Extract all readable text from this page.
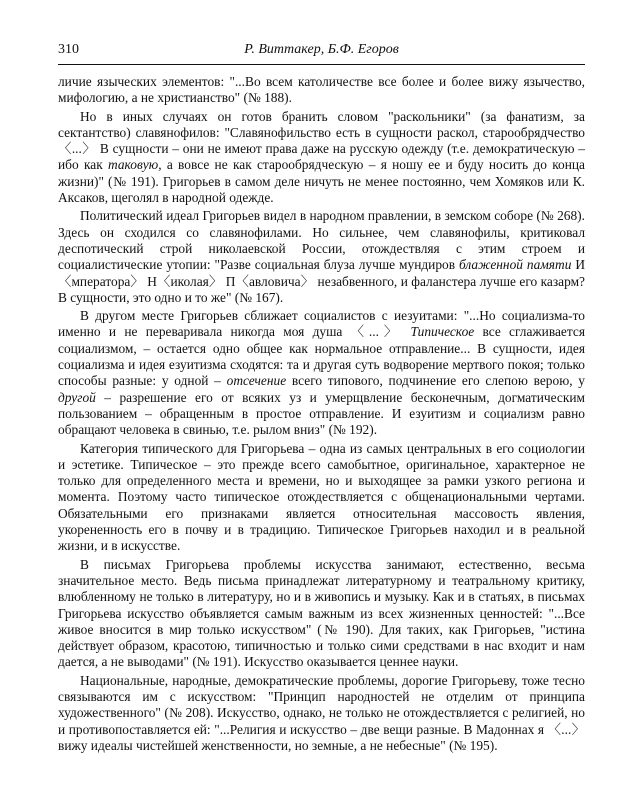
310	Р. Виттакер, Б.Ф. Егоров

личие языческих элементов: "...Во всем католичестве все более и более вижу язычество, мифологию, а не христианство" (№ 188).

Но в иных случаях он готов бранить словом "раскольники" (за фанатизм, за сектантство) славянофилов: "Славянофильство есть в сущности раскол, старообрядчество 〈...〉 В сущности – они не имеют права даже на русскую одежду (т.е. демократическую – ибо как таковую, а вовсе не как старообрядческую – я ношу ее и буду носить до конца жизни)" (№ 191). Григорьев в самом деле ничуть не менее постоянно, чем Хомяков или К. Аксаков, щеголял в народной одежде.

Политический идеал Григорьев видел в народном правлении, в земском соборе (№ 268). Здесь он сходился со славянофилами. Но сильнее, чем славянофилы, критиковал деспотический строй николаевской России, отождествляя с этим строем и социалистические утопии: "Разве социальная блуза лучше мундиров блаженной памяти И〈мператора〉 Н〈иколая〉 П〈авловича〉 незабвенного, и фаланстера лучше его казарм? В сущности, это одно и то же" (№ 167).

В другом месте Григорьев сближает социалистов с иезуитами: "...Но социализма-то именно и не переваривала никогда моя душа 〈...〉 Типическое все сглаживается социализмом, – остается одно общее как нормальное отправление... В сущности, идея социализма и идея езуитизма сходятся: та и другая суть водворение мертвого покоя; только способы разные: у одной – отсечение всего типового, подчинение его слепою верою, у другой – разрешение его от всяких уз и умерщвление бесконечным, догматическим пользованием – обращенным в простое отправление. И езуитизм и социализм равно обращают человека в свинью, т.е. рылом вниз" (№ 192).

Категория типического для Григорьева – одна из самых центральных в его социологии и эстетике. Типическое – это прежде всего самобытное, оригинальное, характерное не только для определенного места и времени, но и выходящее за рамки узкого региона и момента. Поэтому часто типическое отождествляется с общенациональными чертами. Обязательными его признаками является относительная массовость явления, укорененность его в почву и в традицию. Типическое Григорьев находил и в реальной жизни, и в искусстве.

В письмах Григорьева проблемы искусства занимают, естественно, весьма значительное место. Ведь письма принадлежат литературному и театральному критику, влюбленному не только в литературу, но и в живопись и музыку. Как и в статьях, в письмах Григорьева искусство объявляется самым важным из всех жизненных ценностей: "...Все живое вносится в мир только искусством" (№ 190). Для таких, как Григорьев, "истина действует образом, красотою, типичностью и только сими средствами в нас входит и нам дается, а не выводами" (№ 191). Искусство оказывается ценнее науки.

Национальные, народные, демократические проблемы, дорогие Григорьеву, тоже тесно связываются им с искусством: "Принцип народностей не отделим от принципа художественного" (№ 208). Искусство, однако, не только не отождествляется с религией, но и противопоставляется ей: "...Религия и искусство – две вещи разные. В Мадоннах я 〈...〉 вижу идеалы чистейшей женственности, но земные, а не небесные" (№ 195).
